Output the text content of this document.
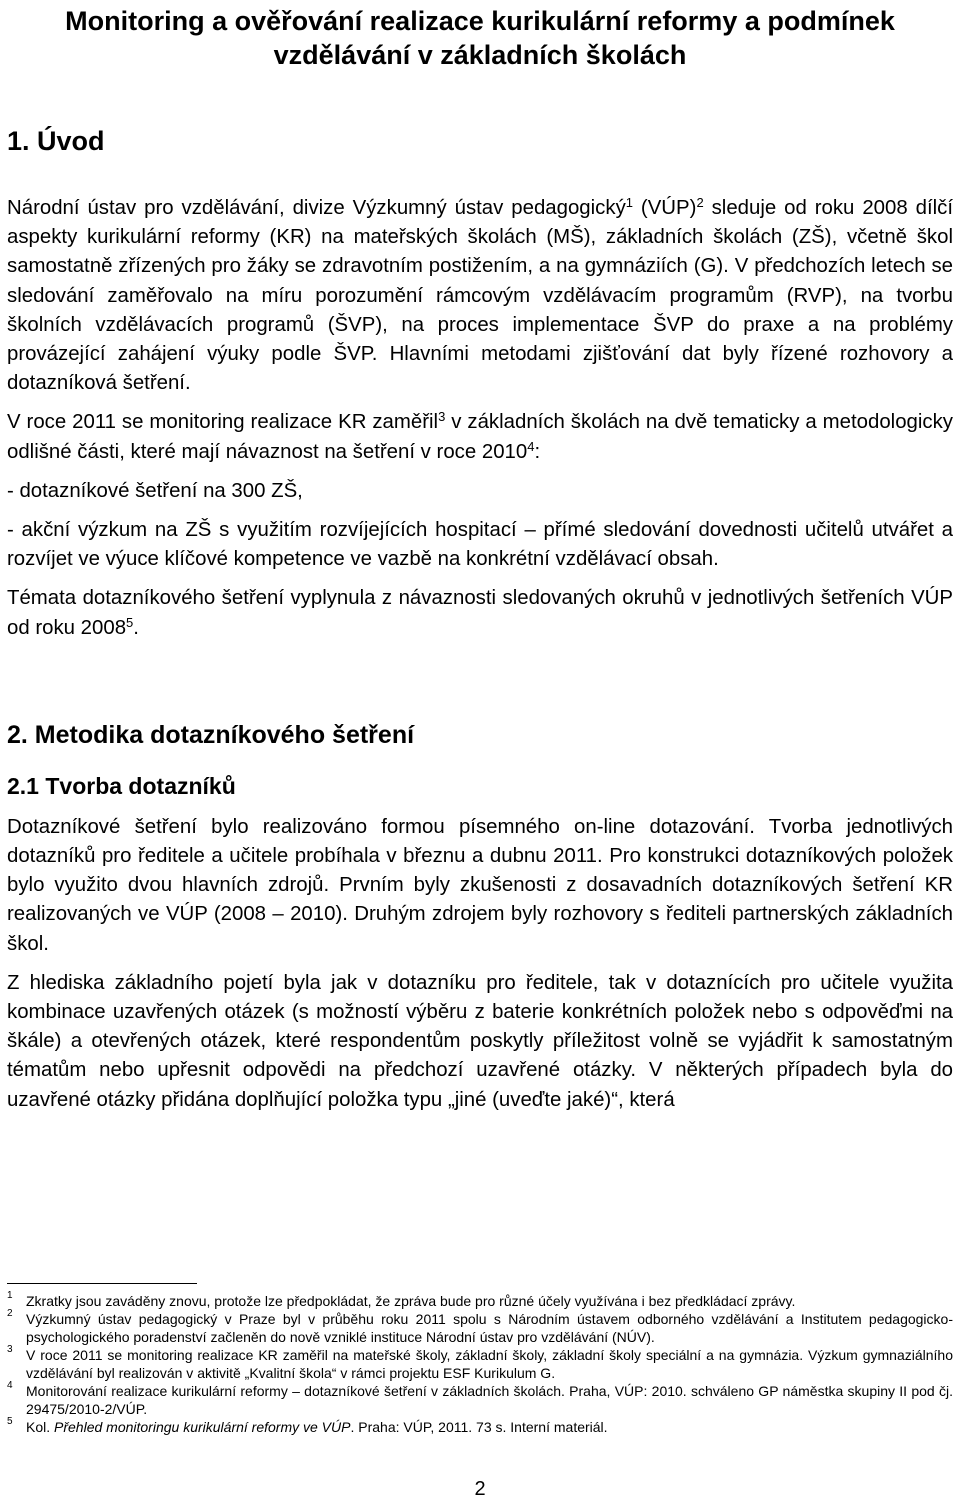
Monitoring a ověřování realizace kurikulární reformy a podmínek vzdělávání v základních školách
1. Úvod

Národní ústav pro vzdělávání, divize Výzkumný ústav pedagogický$^1$ (VÚP)$^2$ sleduje od roku 2008 dílčí aspekty kurikulární reformy (KR) na mateřských školách (MŠ), základních školách (ZŠ), včetně škol samostatně zřízených pro žáky se zdravotním postižením, a na gymnáziích (G). V předchozích letech se sledování zaměřovalo na míru porozumění rámcovým vzdělávacím programům (RVP), na tvorbu školních vzdělávacích programů (ŠVP), na proces implementace ŠVP do praxe a na problémy provázející zahájení výuky podle ŠVP. Hlavními metodami zjišťování dat byly řízené rozhovory a dotazníková šetření.

V roce 2011 se monitoring realizace KR zaměřil$^3$ v základních školách na dvě tematicky a metodologicky odlišné části, které mají návaznost na šetření v roce 2010$^4$:

- dotazníkové šetření na 300 ZŠ,

- akční výzkum na ZŠ s využitím rozvíjejících hospitací – přímé sledování dovednosti učitelů utvářet a rozvíjet ve výuce klíčové kompetence ve vazbě na konkrétní vzdělávací obsah.

Témata dotazníkového šetření vyplynula z návaznosti sledovaných okruhů v jednotlivých šetřeních VÚP od roku 2008$^5$.

2. Metodika dotazníkového šetření
2.1 Tvorba dotazníků

Dotazníkové šetření bylo realizováno formou písemného on-line dotazování. Tvorba jednotlivých dotazníků pro ředitele a učitele probíhala v březnu a dubnu 2011. Pro konstrukci dotazníkových položek bylo využito dvou hlavních zdrojů. Prvním byly zkušenosti z dosavadních dotazníkových šetření KR realizovaných ve VÚP (2008 – 2010). Druhým zdrojem byly rozhovory s řediteli partnerských základních škol.

Z hlediska základního pojetí byla jak v dotazníku pro ředitele, tak v dotaznících pro učitele využita kombinace uzavřených otázek (s možností výběru z baterie konkrétních položek nebo s odpověďmi na škále) a otevřených otázek, které respondentům poskytly příležitost volně se vyjádřit k samostatným tématům nebo upřesnit odpovědi na předchozí uzavřené otázky. V některých případech byla do uzavřené otázky přidána doplňující položka typu „jiné (uveďte jaké)“, která

1 Zkratky jsou zaváděny znovu, protože lze předpokládat, že zpráva bude pro různé účely využívána i bez předkládací zprávy.
2 Výzkumný ústav pedagogický v Praze byl v průběhu roku 2011 spolu s Národním ústavem odborného vzdělávání a Institutem pedagogicko-psychologického poradenství začleněn do nově vzniklé instituce Národní ústav pro vzdělávání (NÚV).
3 V roce 2011 se monitoring realizace KR zaměřil na mateřské školy, základní školy, základní školy speciální a na gymnázia. Výzkum gymnaziálního vzdělávání byl realizován v aktivitě „Kvalitní škola“ v rámci projektu ESF Kurikulum G.
4 Monitorování realizace kurikulární reformy – dotazníkové šetření v základních školách. Praha, VÚP: 2010. schváleno GP náměstka skupiny II pod čj. 29475/2010-2/VÚP.
5 Kol. Přehled monitoringu kurikulární reformy ve VÚP. Praha: VÚP, 2011. 73 s. Interní materiál.
2
